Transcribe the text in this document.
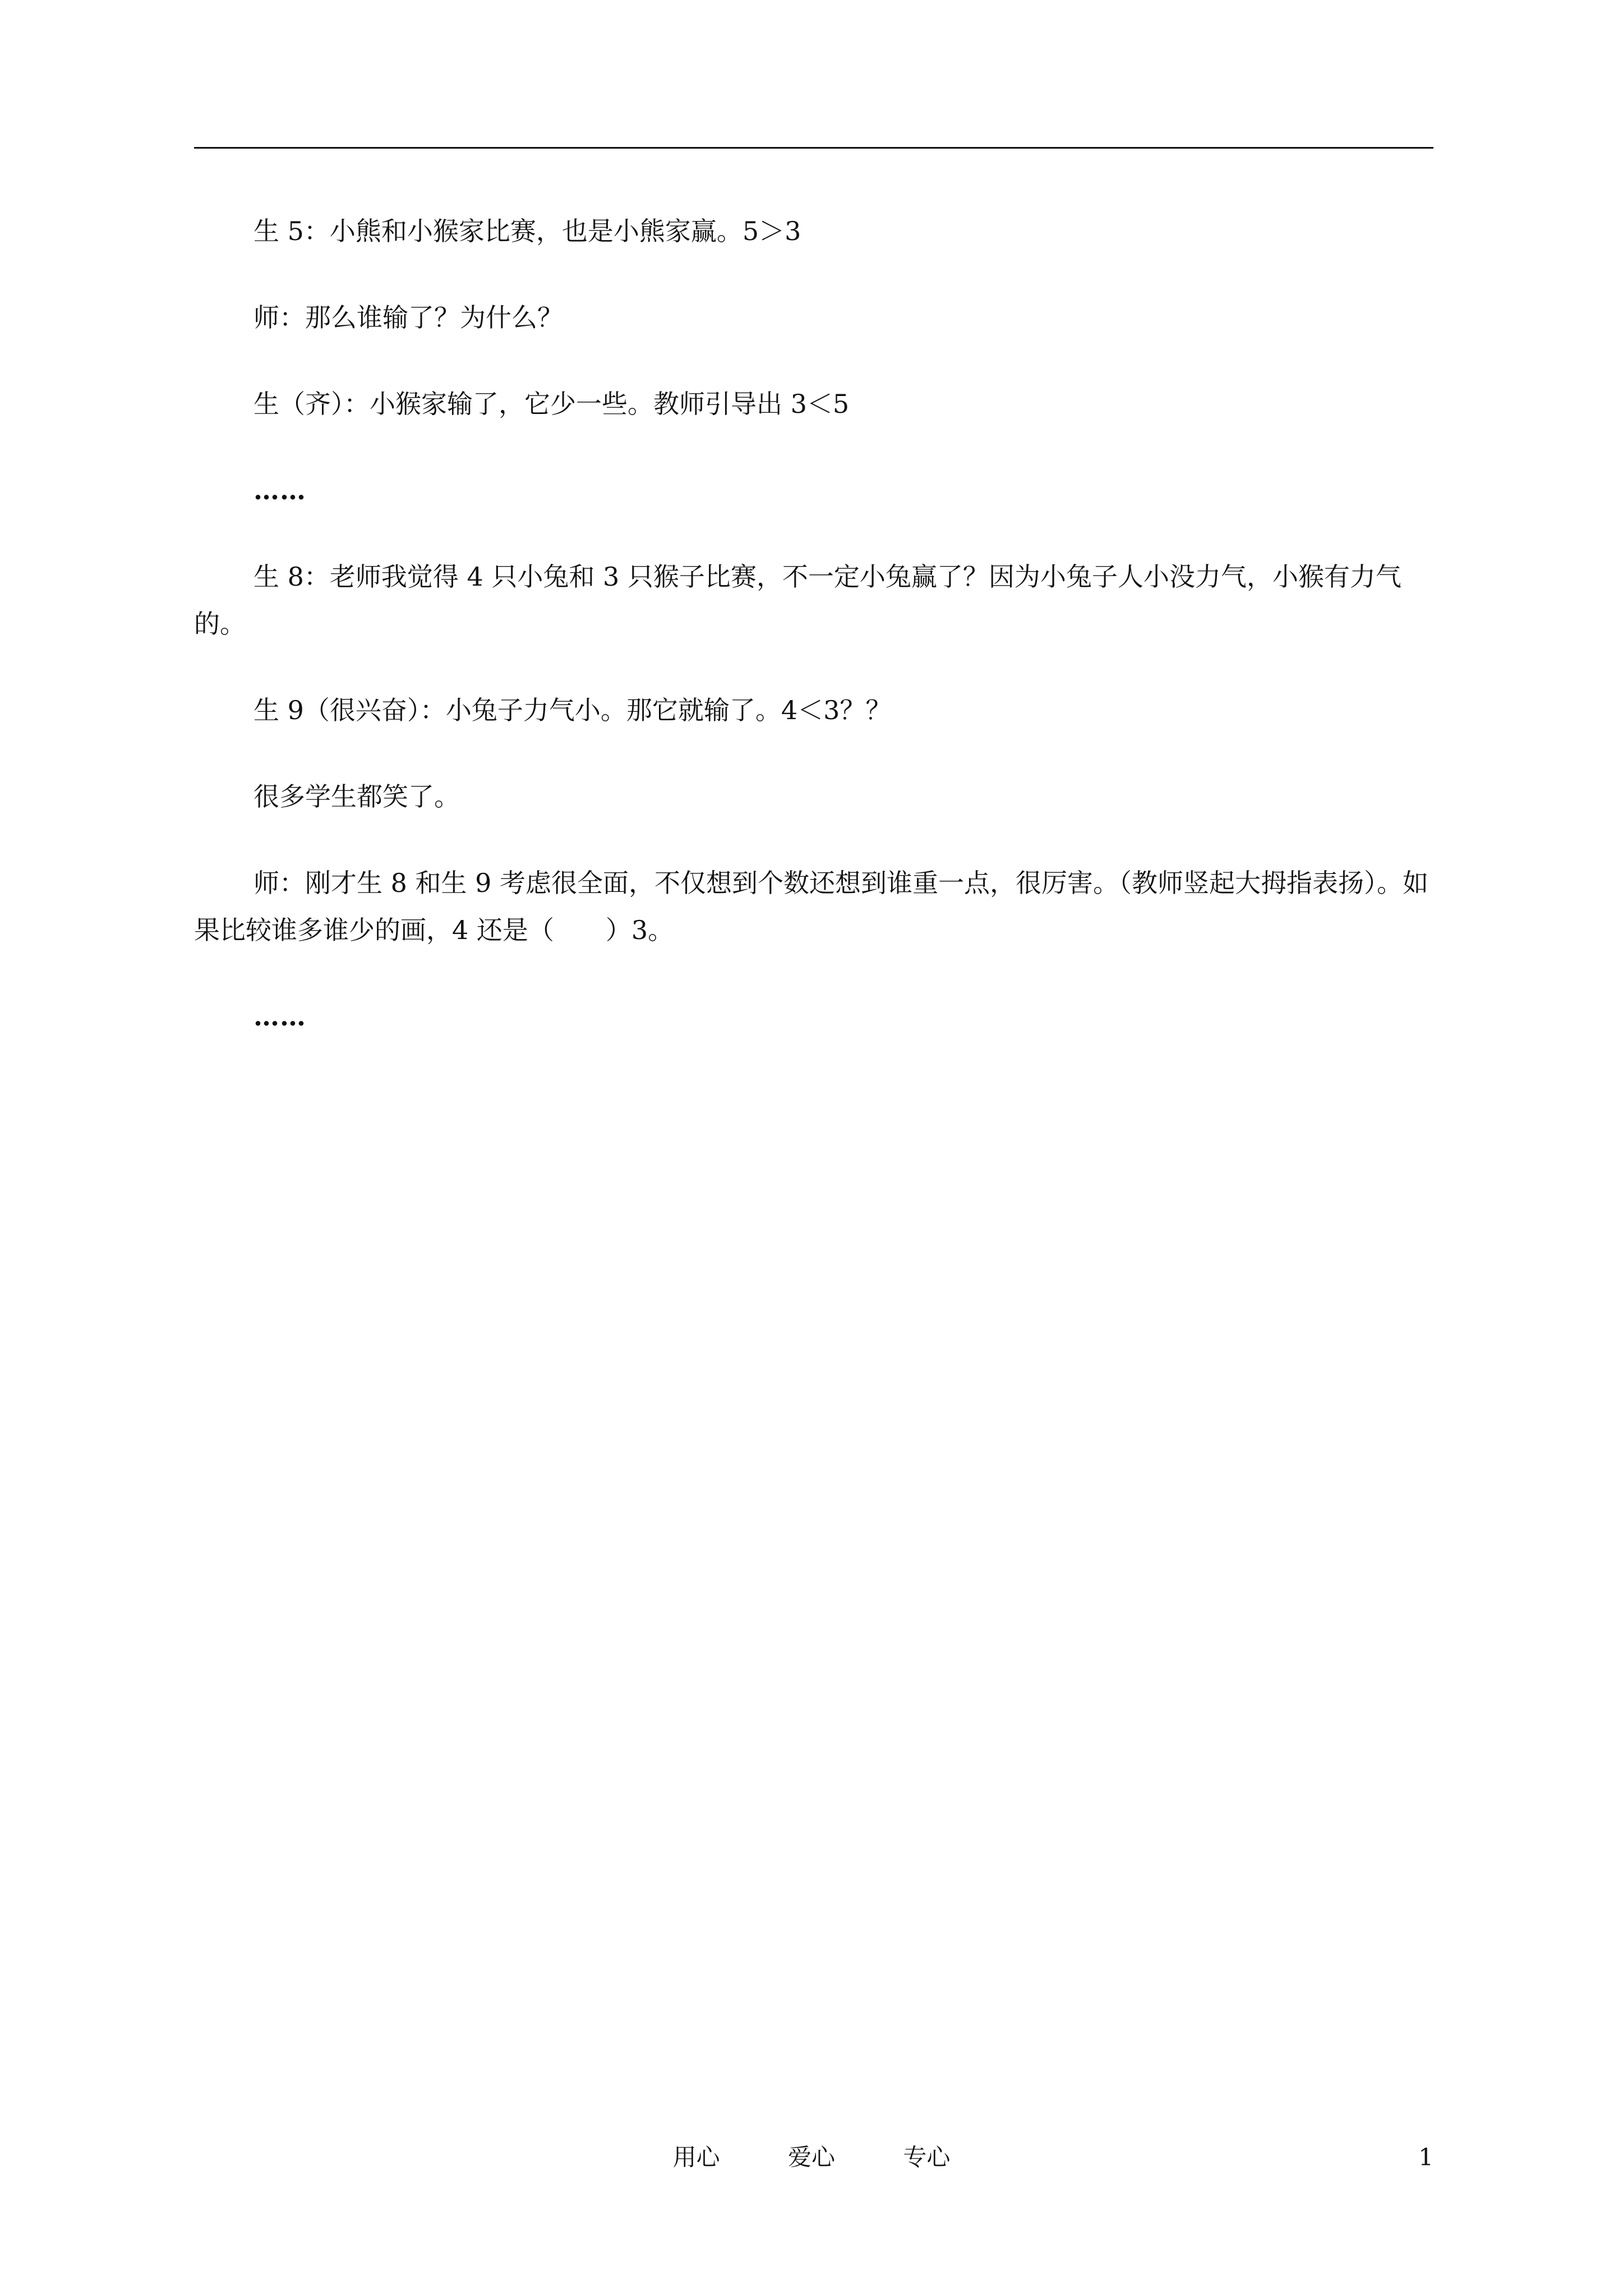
生 5：小熊和小猴家比赛，也是小熊家赢。5＞3

师：那么谁输了？为什么？

生（齐）：小猴家输了，它少一些。教师引导出 3＜5

……

生 8：老师我觉得 4 只小兔和 3 只猴子比赛，不一定小兔赢了？因为小兔子人小没力气，小猴有力气的。

生 9（很兴奋）：小兔子力气小。那它就输了。4＜3？？

很多学生都笑了。

师：刚才生 8 和生 9 考虑很全面，不仅想到个数还想到谁重一点，很厉害。（教师竖起大拇指表扬）。如果比较谁多谁少的画，4 还是（　　）3。

……

用心	爱心	专心	1
